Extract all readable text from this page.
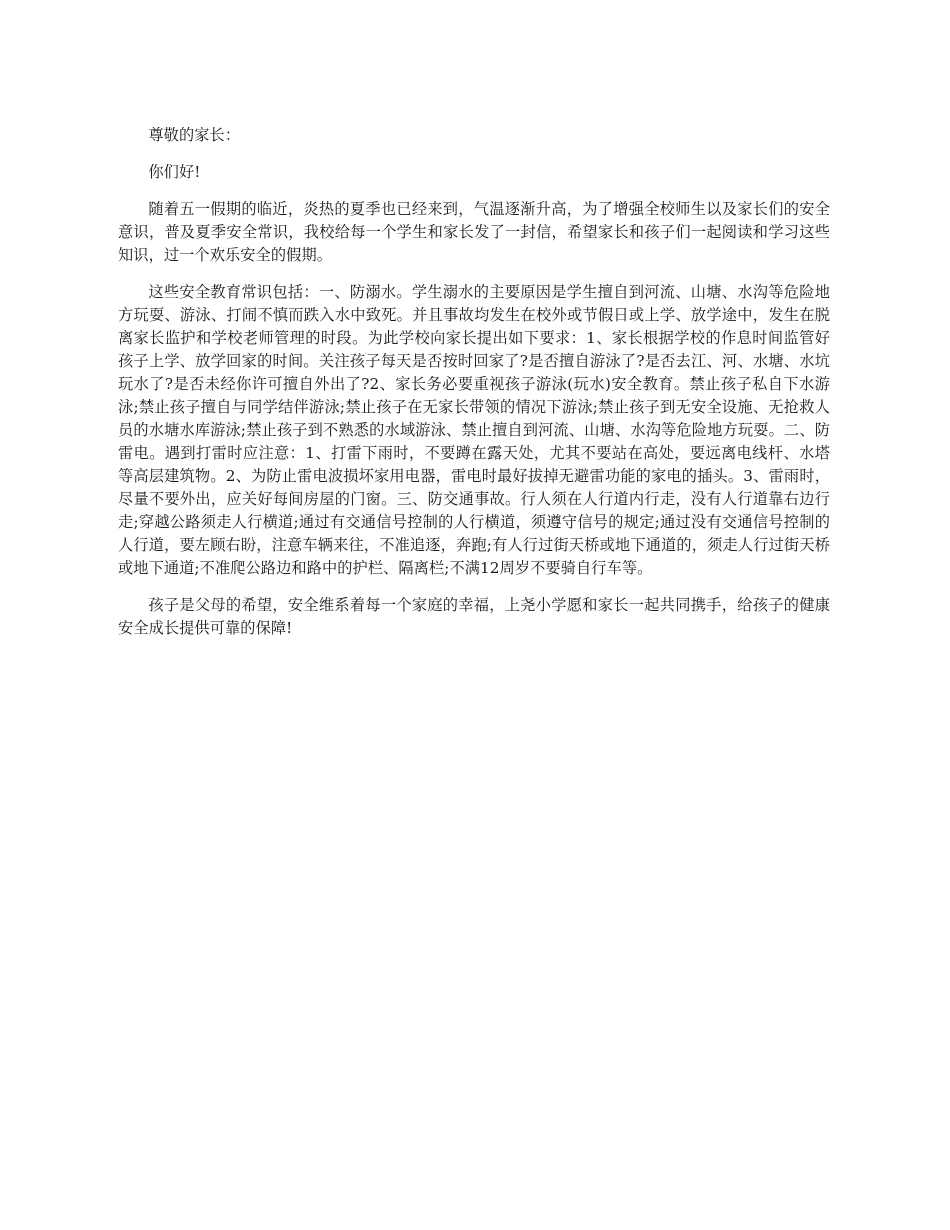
尊敬的家长：

你们好!

随着五一假期的临近，炎热的夏季也已经来到，气温逐渐升高，为了增强全校师生以及家长们的安全意识，普及夏季安全常识，我校给每一个学生和家长发了一封信，希望家长和孩子们一起阅读和学习这些知识，过一个欢乐安全的假期。

这些安全教育常识包括：一、防溺水。学生溺水的主要原因是学生擅自到河流、山塘、水沟等危险地方玩耍、游泳、打闹不慎而跌入水中致死。并且事故均发生在校外或节假日或上学、放学途中，发生在脱离家长监护和学校老师管理的时段。为此学校向家长提出如下要求：1、家长根据学校的作息时间监管好孩子上学、放学回家的时间。关注孩子每天是否按时回家了?是否擅自游泳了?是否去江、河、水塘、水坑玩水了?是否未经你许可擅自外出了?2、家长务必要重视孩子游泳(玩水)安全教育。禁止孩子私自下水游泳;禁止孩子擅自与同学结伴游泳;禁止孩子在无家长带领的情况下游泳;禁止孩子到无安全设施、无抢救人员的水塘水库游泳;禁止孩子到不熟悉的水域游泳、禁止擅自到河流、山塘、水沟等危险地方玩耍。二、防雷电。遇到打雷时应注意：1、打雷下雨时，不要蹲在露天处，尤其不要站在高处，要远离电线杆、水塔等高层建筑物。2、为防止雷电波损坏家用电器，雷电时最好拔掉无避雷功能的家电的插头。3、雷雨时，尽量不要外出，应关好每间房屋的门窗。三、防交通事故。行人须在人行道内行走，没有人行道靠右边行走;穿越公路须走人行横道;通过有交通信号控制的人行横道，须遵守信号的规定;通过没有交通信号控制的人行道，要左顾右盼，注意车辆来往，不准追逐，奔跑;有人行过街天桥或地下通道的，须走人行过街天桥或地下通道;不准爬公路边和路中的护栏、隔离栏;不满12周岁不要骑自行车等。

孩子是父母的希望，安全维系着每一个家庭的幸福，上尧小学愿和家长一起共同携手，给孩子的健康安全成长提供可靠的保障!
